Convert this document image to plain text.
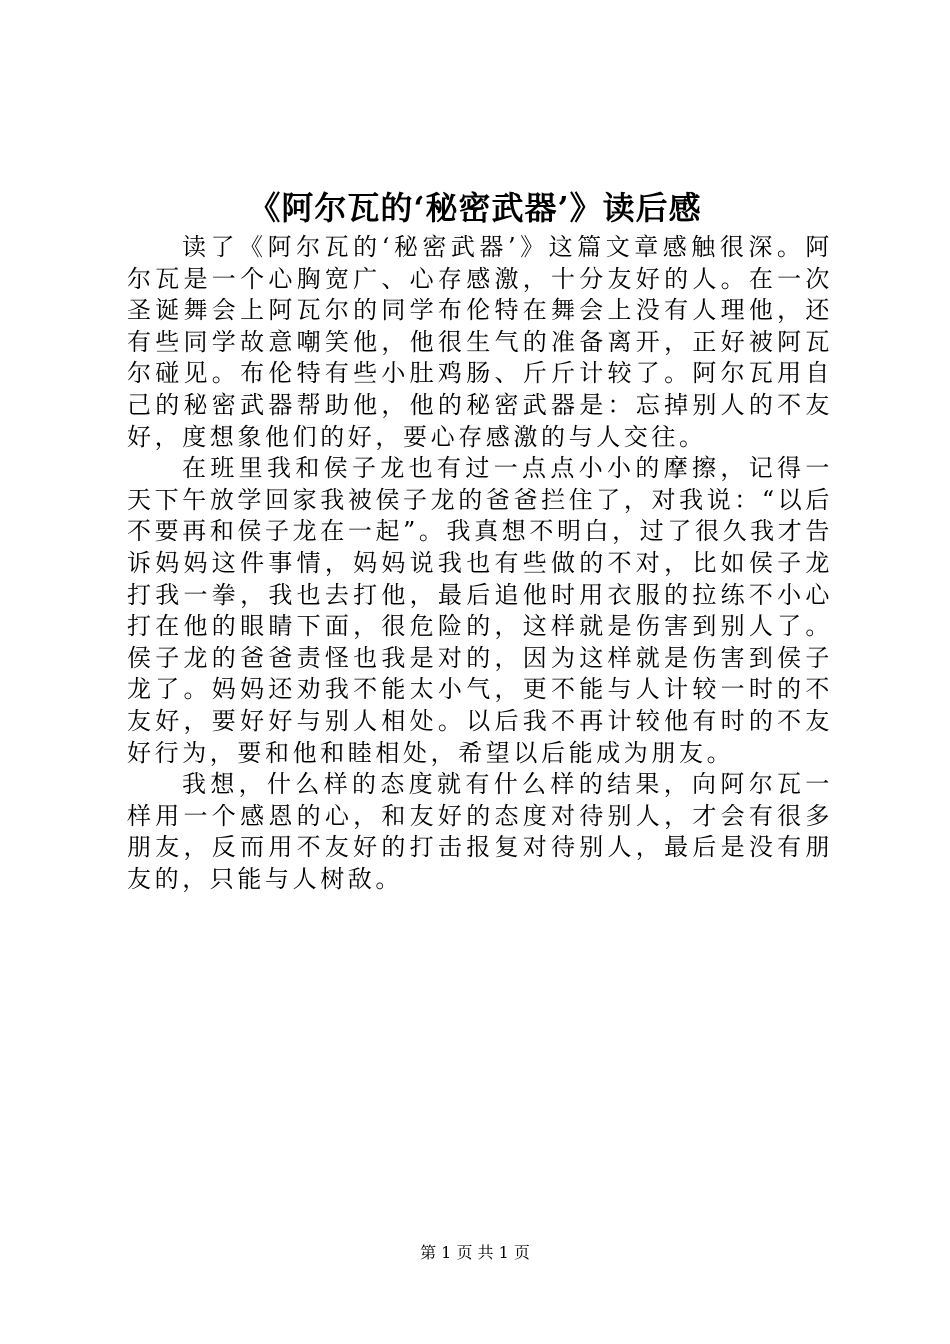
《阿尔瓦的‘秘密武器’》读后感

读了《阿尔瓦的‘秘密武器’》这篇文章感触很深。阿尔瓦是一个心胸宽广、心存感激，十分友好的人。在一次圣诞舞会上阿瓦尔的同学布伦特在舞会上没有人理他，还有些同学故意嘲笑他，他很生气的准备离开，正好被阿瓦尔碰见。布伦特有些小肚鸡肠、斤斤计较了。阿尔瓦用自己的秘密武器帮助他，他的秘密武器是：忘掉别人的不友好，度想象他们的好，要心存感激的与人交往。

在班里我和侯子龙也有过一点点小小的摩擦，记得一天下午放学回家我被侯子龙的爸爸拦住了，对我说：“以后不要再和侯子龙在一起”。我真想不明白，过了很久我才告诉妈妈这件事情，妈妈说我也有些做的不对，比如侯子龙打我一拳，我也去打他，最后追他时用衣服的拉练不小心打在他的眼睛下面，很危险的，这样就是伤害到别人了。侯子龙的爸爸责怪也我是对的，因为这样就是伤害到侯子龙了。妈妈还劝我不能太小气，更不能与人计较一时的不友好，要好好与别人相处。以后我不再计较他有时的不友好行为，要和他和睦相处，希望以后能成为朋友。

我想，什么样的态度就有什么样的结果，向阿尔瓦一样用一个感恩的心，和友好的态度对待别人，才会有很多朋友，反而用不友好的打击报复对待别人，最后是没有朋友的，只能与人树敌。

第 1 页 共 1 页
